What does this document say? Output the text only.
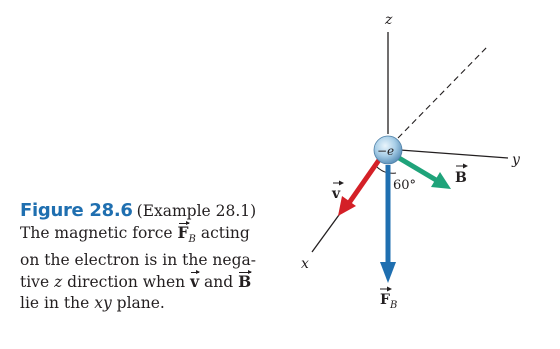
z
y
x
−e
60°
v
B
F B

Figure 28.6 (Example 28.1)

The magnetic force $F_B$ acting

on the electron is in the nega-

tive z direction when v and B

lie in the xy plane.
